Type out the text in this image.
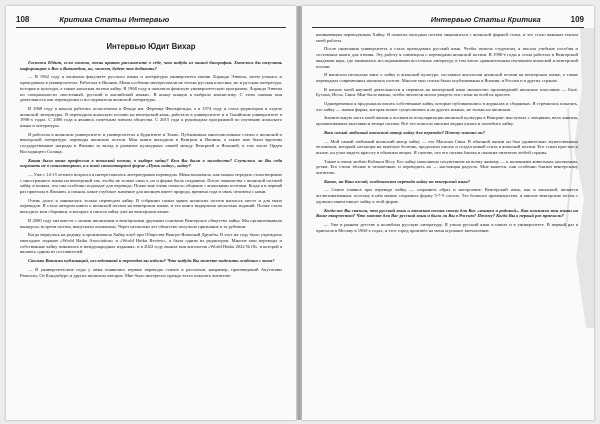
108	Критика Статьи Интервью
Интервью Юдит Вихар

Госпожа Юдит, если можно, очень кратко расскажите о себе, что нибудь из вашей биографии. Хотелось бы получить информацию о Вас в Википедии, но, может, будет что добавить?

— В 1962 году я окончила факультет русского языка и литературы университета имени Лоранда Этвеша, затем училась и преподавала в университетах. Работала в Японии. Меня особенно интересовали не только русская классика, но и русская литература, история и культура, а также японская поэзия хайку. В 1968 году я окончила финскую университетскую программу. Лоранда Этвеша по специальности «восточный, русский и английский языки». В конце концов я выбрала японистику. С этим связана моя деятельность как переводчика и исследователя японской литературы.

В 1968 году я начала работать ассистентом в Фонде им. Ференца Фюльфельди, а в 1974 году я стала редактором в отделе японской литературы. Я переводила японскую поэзию на венгерский язык, работала в университете и в Токийском университете в 1990-х годах. С 2006 года я являюсь почётным членом общества. С 2015 года я руководила программой по изучению японского языка и литературы.

Я работала в японском университете и университетах в Будапеште и Токио. Публиковала многочисленные статьи о японской и венгерской литературе, переводы японских поэтов. Мои книги выходили в Венгрии и Японии, а также мне были вручены государственные награды в Японии за вклад в развитие культурных связей между Венгрией и Японией, в том числе Орден Восходящего Солнца.

Какая была ваша профессия в японской поэзии, в выборе хайку? Кем Вы были в молодости? Случилось ли Вы себя ощутить не в стихотворном, а в иной стихотворной форме «Путь хайку», хайку?

— Уже с 14-15 летнего возраста я интересовалась литературным переводом. Меня волновало, как можно передать стихотворение с иностранного языка на венгерский так, чтобы не только смысл, но и форма была сохранена. После знакомства с японской поэзией хайку я поняла, что она особенно подходит для перевода. Позже мне очень помогло общение с японскими поэтами. Когда я в первый раз приехала в Японию, я поняла, какое глубокое значение для японцев имеет природа, времена года и связь человека с ними.

Очень долго я занималась только переводом хайку. В собрании самых ярких японских поэтов нашлось место и для моих переводов. Я стала автором книги о японской поэзии на венгерском языке, и эта книга выдержала несколько изданий. Позже стали выходить мои сборники, в которых я писала хайку уже на венгерском языке.

В 2000 году мы вместе с моими японскими и венгерскими друзьями основали Венгерское общество хайку. Мы организовывали конкурсы, встречи поэтов, выпускали альманахи. Через несколько лет общество получило признание и за рубежом.

Когда вернулась на родину, я организовала Хайку клуб при Обществе Венгро-Японской Дружбы. В этот же году было учреждено ежегодное издание «World Haiku Association» и «World Haiku Review», я была одним из редакторов. Многие мои переводы и собственные хайку появились в международных изданиях, и в 2022 году вышла моя антология «World Haiku 2022 №18», в которой я являюсь одним из составителей.

Сколько Вашими публикаций, исследований и переводов вы издали? Что-нибудь Вы можете выделить особенно с вами?

— В университетские годы у меня появились первые переводы стихов и рассказов, например, произведений Акутагавы Рюноскэ, Оэ Кэндзабуро и других японских авторов. Мне было интересно прежде всего показать читателю

Интервью Статьи Критика	109

начинающим переводчикам Хайку. Я помогла молодым поэтам знакомиться с японской формой стиха, и это стало важным этапом моей работы.

После окончания университета я стала преподавать русский язык. Чтобы помочь студентам, я писала учебные пособия и составляла книги для чтения. Эту работу я совмещала с переводами японской поэзии. В 1990-е годы я стала работать в Венгерской академии наук, где занималась исследованиями восточных литератур, в том числе сравнительным изучением японской и венгерской поэзии.

Я написала несколько книг о хайку и японской культуре, составила антологии японской поэзии на венгерском языке, а также переводила современных японских поэтов. Многие мои статьи были опубликованы в Японии, в России и в других странах.

В начале моей научной деятельности я перевела на венгерский язык множество произведений японских классиков — Басё, Бусона, Иссы, Сики. Мне было важно, чтобы читатели могли увидеть эти стихи во всей их красоте.

Одновременно я продолжала писать собственные хайку, которые публиковались в журналах и сборниках. Я стремилась показать, что хайку — живая форма, которая может существовать и на других языках, не только на японском.

Значительную часть моей жизни я посвятила популяризации японской культуры в Венгрии: выступала с лекциями, вела занятия, организовывала выставки и вечера поэзии. Всё это помогло многим людям узнать и полюбить хайку.

Ваш самый любимый японский автор хайку для перевода? Почему именно он?

— Мой самый любимый японский автор хайку — это Масаока Сики. В обычной жизни он был удивительно мужественным человеком, который, несмотря на тяжёлую болезнь, продолжал писать и создал новый стиль в японской поэзии. Его стихи простые и ясные, он учил видеть красоту в обычных вещах. Я считаю, что его поэзия близка и понятна читателю любой страны.

Также я очень люблю Кобаяси Иссу. Его хайку наполнены сочувствием ко всему живому — к маленьким животным, насекомым, детям. Его стихи тёплые и человечные, и переводить их — настоящая радость. Мне кажется, они особенно близки венгерскому читателю.

Какие, на Ваш взгляд, особенности перевода хайку на венгерский язык?

— Самое главное при переводе хайку — сохранить образ и настроение. Венгерский язык, как и японский, является агглютинативным, поэтому в нём можно сохранить форму 5-7-5 слогов. Это большое преимущество, и многие венгерские поэты с удовольствием пишут хайку в этой форме.

Когда-то Вы сказали, что русский язык и японская поэзия стали для Вас «языком и родиной». Как повлияли эти языки на Ваше творчество? Что значит для Вас русский язык и была ли Вы в Россию? Почему? Когда Вы в первый раз приехали?

— Уже в раннем детстве я полюбила русскую литературу. Я учила русский язык в школе и в университете. В первый раз я приехала в Москву в 1960-х годах, и этот город произвёл на меня огромное впечатление.
